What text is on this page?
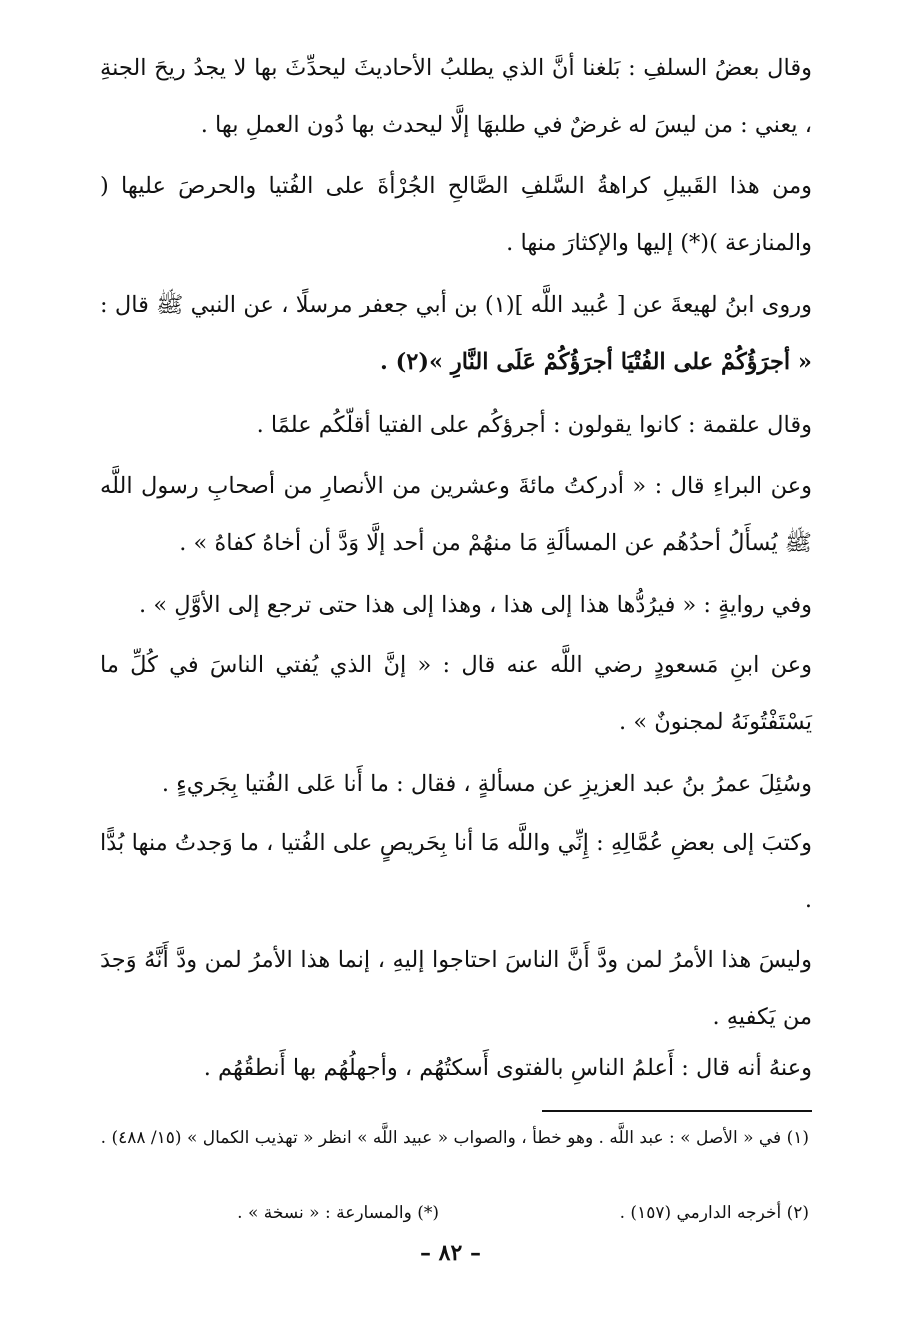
وقال بعضُ السلفِ : بَلغنا أنَّ الذي يطلبُ الأحاديثَ ليحدِّثَ بها لا يجدُ ريحَ الجنةِ ، يعني : من ليسَ له غرضٌ في طلبهَا إلَّا ليحدث بها دُون العملِ بها .

ومن هذا القَبيلِ كراهةُ السَّلفِ الصَّالحِ الجُرْأةَ على الفُتيا والحرصَ عليها ( والمنازعة )(*) إليها والإكثارَ منها .

وروى ابنُ لهيعةَ عن [ عُبيد اللَّه ](١) بن أبي جعفر مرسلًا ، عن النبي ﷺ قال : « أجرَؤُكُمْ على الفُتْيَا أجرَؤُكُمْ عَلَى النَّارِ »(٢) .

وقال علقمة : كانوا يقولون : أجرؤكُم على الفتيا أقلّكُم علمًا .

وعن البراءِ قال : « أدركتُ مائةَ وعشرين من الأنصارِ من أصحابِ رسول اللَّه ﷺ يُسأَلُ أحدُهُم عن المسألَةِ مَا منهُمْ من أحد إلَّا وَدَّ أن أخاهُ كفاهُ » .

وفي روايةٍ : « فيرُدُّها هذا إلى هذا ، وهذا إلى هذا حتى ترجع إلى الأوَّلِ » .

وعن ابنِ مَسعودٍ رضي اللَّه عنه قال : « إنَّ الذي يُفتي الناسَ في كُلِّ ما يَسْتَفْتُونَهُ لمجنونٌ » .

وسُئِلَ عمرُ بنُ عبد العزيزِ عن مسألةٍ ، فقال : ما أَنا عَلى الفُتيا بِجَريءٍ .

وكتبَ إلى بعضِ عُمَّالِهِ : إِنِّي واللَّه مَا أنا بِحَريصٍ على الفُتيا ، ما وَجدتُ منها بُدًّا .

وليسَ هذا الأمرُ لمن ودَّ أَنَّ الناسَ احتاجوا إليهِ ، إنما هذا الأمرُ لمن ودَّ أَنَّهُ وَجدَ من يَكفيهِ .

وعنهُ أنه قال : أَعلمُ الناسِ بالفتوى أَسكتُهُم ، وأجهلُهُم بها أَنطقُهُم .

(١) في « الأصل » : عبد اللَّه . وهو خطأ ، والصواب « عبيد اللَّه » انظر « تهذيب الكمال » (١٥/ ٤٨٨) .

(٢) أخرجه الدارمي (١٥٧) .

(*) والمسارعة : « نسخة » .

– ٨٢ –
